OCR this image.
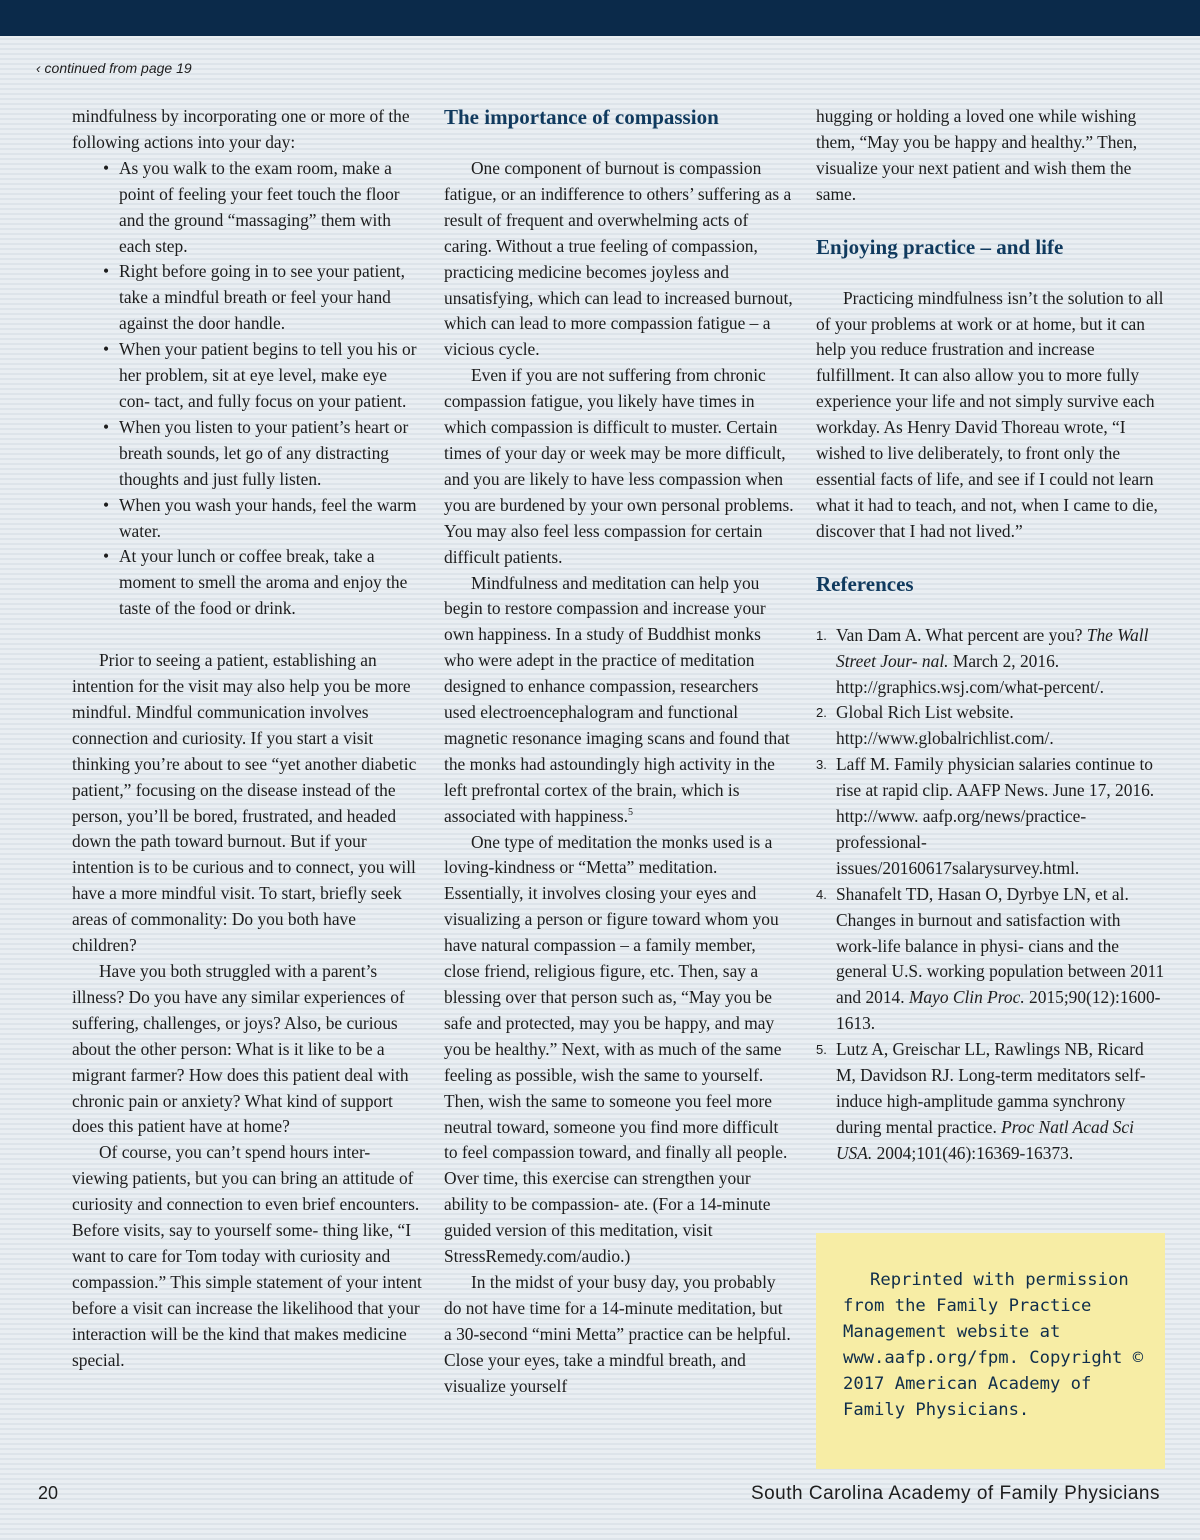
‹ continued from page 19

mindfulness by incorporating one or more of the following actions into your day:

• As you walk to the exam room, make a point of feeling your feet touch the floor and the ground “massaging” them with each step.
• Right before going in to see your patient, take a mindful breath or feel your hand against the door handle.
• When your patient begins to tell you his or her problem, sit at eye level, make eye con- tact, and fully focus on your patient.
• When you listen to your patient’s heart or breath sounds, let go of any distracting thoughts and just fully listen.
• When you wash your hands, feel the warm water.
• At your lunch or coffee break, take a moment to smell the aroma and enjoy the taste of the food or drink.

Prior to seeing a patient, establishing an intention for the visit may also help you be more mindful. Mindful communication involves connection and curiosity. If you start a visit thinking you’re about to see “yet another diabetic patient,” focusing on the disease instead of the person, you’ll be bored, frustrated, and headed down the path toward burnout. But if your intention is to be curious and to connect, you will have a more mindful visit. To start, briefly seek areas of commonality: Do you both have children?

Have you both struggled with a parent’s illness? Do you have any similar experiences of suffering, challenges, or joys? Also, be curious about the other person: What is it like to be a migrant farmer? How does this patient deal with chronic pain or anxiety? What kind of support does this patient have at home?

Of course, you can’t spend hours inter- viewing patients, but you can bring an attitude of curiosity and connection to even brief encounters. Before visits, say to yourself some- thing like, “I want to care for Tom today with curiosity and compassion.” This simple statement of your intent before a visit can increase the likelihood that your interaction will be the kind that makes medicine special.

The importance of compassion

One component of burnout is compassion fatigue, or an indifference to others’ suffering as a result of frequent and overwhelming acts of caring. Without a true feeling of compassion, practicing medicine becomes joyless and unsatisfying, which can lead to increased burnout, which can lead to more compassion fatigue – a vicious cycle.

Even if you are not suffering from chronic compassion fatigue, you likely have times in which compassion is difficult to muster. Certain times of your day or week may be more difficult, and you are likely to have less compassion when you are burdened by your own personal problems. You may also feel less compassion for certain difficult patients.

Mindfulness and meditation can help you begin to restore compassion and increase your own happiness. In a study of Buddhist monks who were adept in the practice of meditation designed to enhance compassion, researchers used electroencephalogram and functional magnetic resonance imaging scans and found that the monks had astoundingly high activity in the left prefrontal cortex of the brain, which is associated with happiness.$^5$

One type of meditation the monks used is a loving-kindness or “Metta” meditation. Essentially, it involves closing your eyes and visualizing a person or figure toward whom you have natural compassion – a family member, close friend, religious figure, etc. Then, say a blessing over that person such as, “May you be safe and protected, may you be happy, and may you be healthy.” Next, with as much of the same feeling as possible, wish the same to yourself. Then, wish the same to someone you feel more neutral toward, someone you find more difficult to feel compassion toward, and finally all people. Over time, this exercise can strengthen your ability to be compassion- ate. (For a 14-minute guided version of this meditation, visit StressRemedy.com/audio.)

In the midst of your busy day, you probably do not have time for a 14-minute meditation, but a 30-second “mini Metta” practice can be helpful. Close your eyes, take a mindful breath, and visualize yourself

hugging or holding a loved one while wishing them, “May you be happy and healthy.” Then, visualize your next patient and wish them the same.

Enjoying practice – and life

Practicing mindfulness isn’t the solution to all of your problems at work or at home, but it can help you reduce frustration and increase fulfillment. It can also allow you to more fully experience your life and not simply survive each workday. As Henry David Thoreau wrote, “I wished to live deliberately, to front only the essential facts of life, and see if I could not learn what it had to teach, and not, when I came to die, discover that I had not lived.”

References
1. Van Dam A. What percent are you? The Wall Street Jour- nal. March 2, 2016. http://graphics.wsj.com/what-percent/.
2. Global Rich List website. http://www.globalrichlist.com/.
3. Laff M. Family physician salaries continue to rise at rapid clip. AAFP News. June 17, 2016. http://www. aafp.org/news/practice-professional- issues/20160617salarysurvey.html.
4. Shanafelt TD, Hasan O, Dyrbye LN, et al. Changes in burnout and satisfaction with work-life balance in physi- cians and the general U.S. working population between 2011 and 2014. Mayo Clin Proc. 2015;90(12):1600-1613.
5. Lutz A, Greischar LL, Rawlings NB, Ricard M, Davidson RJ. Long-term meditators self-induce high-amplitude gamma synchrony during mental practice. Proc Natl Acad Sci USA. 2004;101(46):16369-16373.

Reprinted with permission from the Family Practice Management website at www.aafp.org/fpm. Copyright © 2017 American Academy of Family Physicians.

20	South Carolina Academy of Family Physicians
